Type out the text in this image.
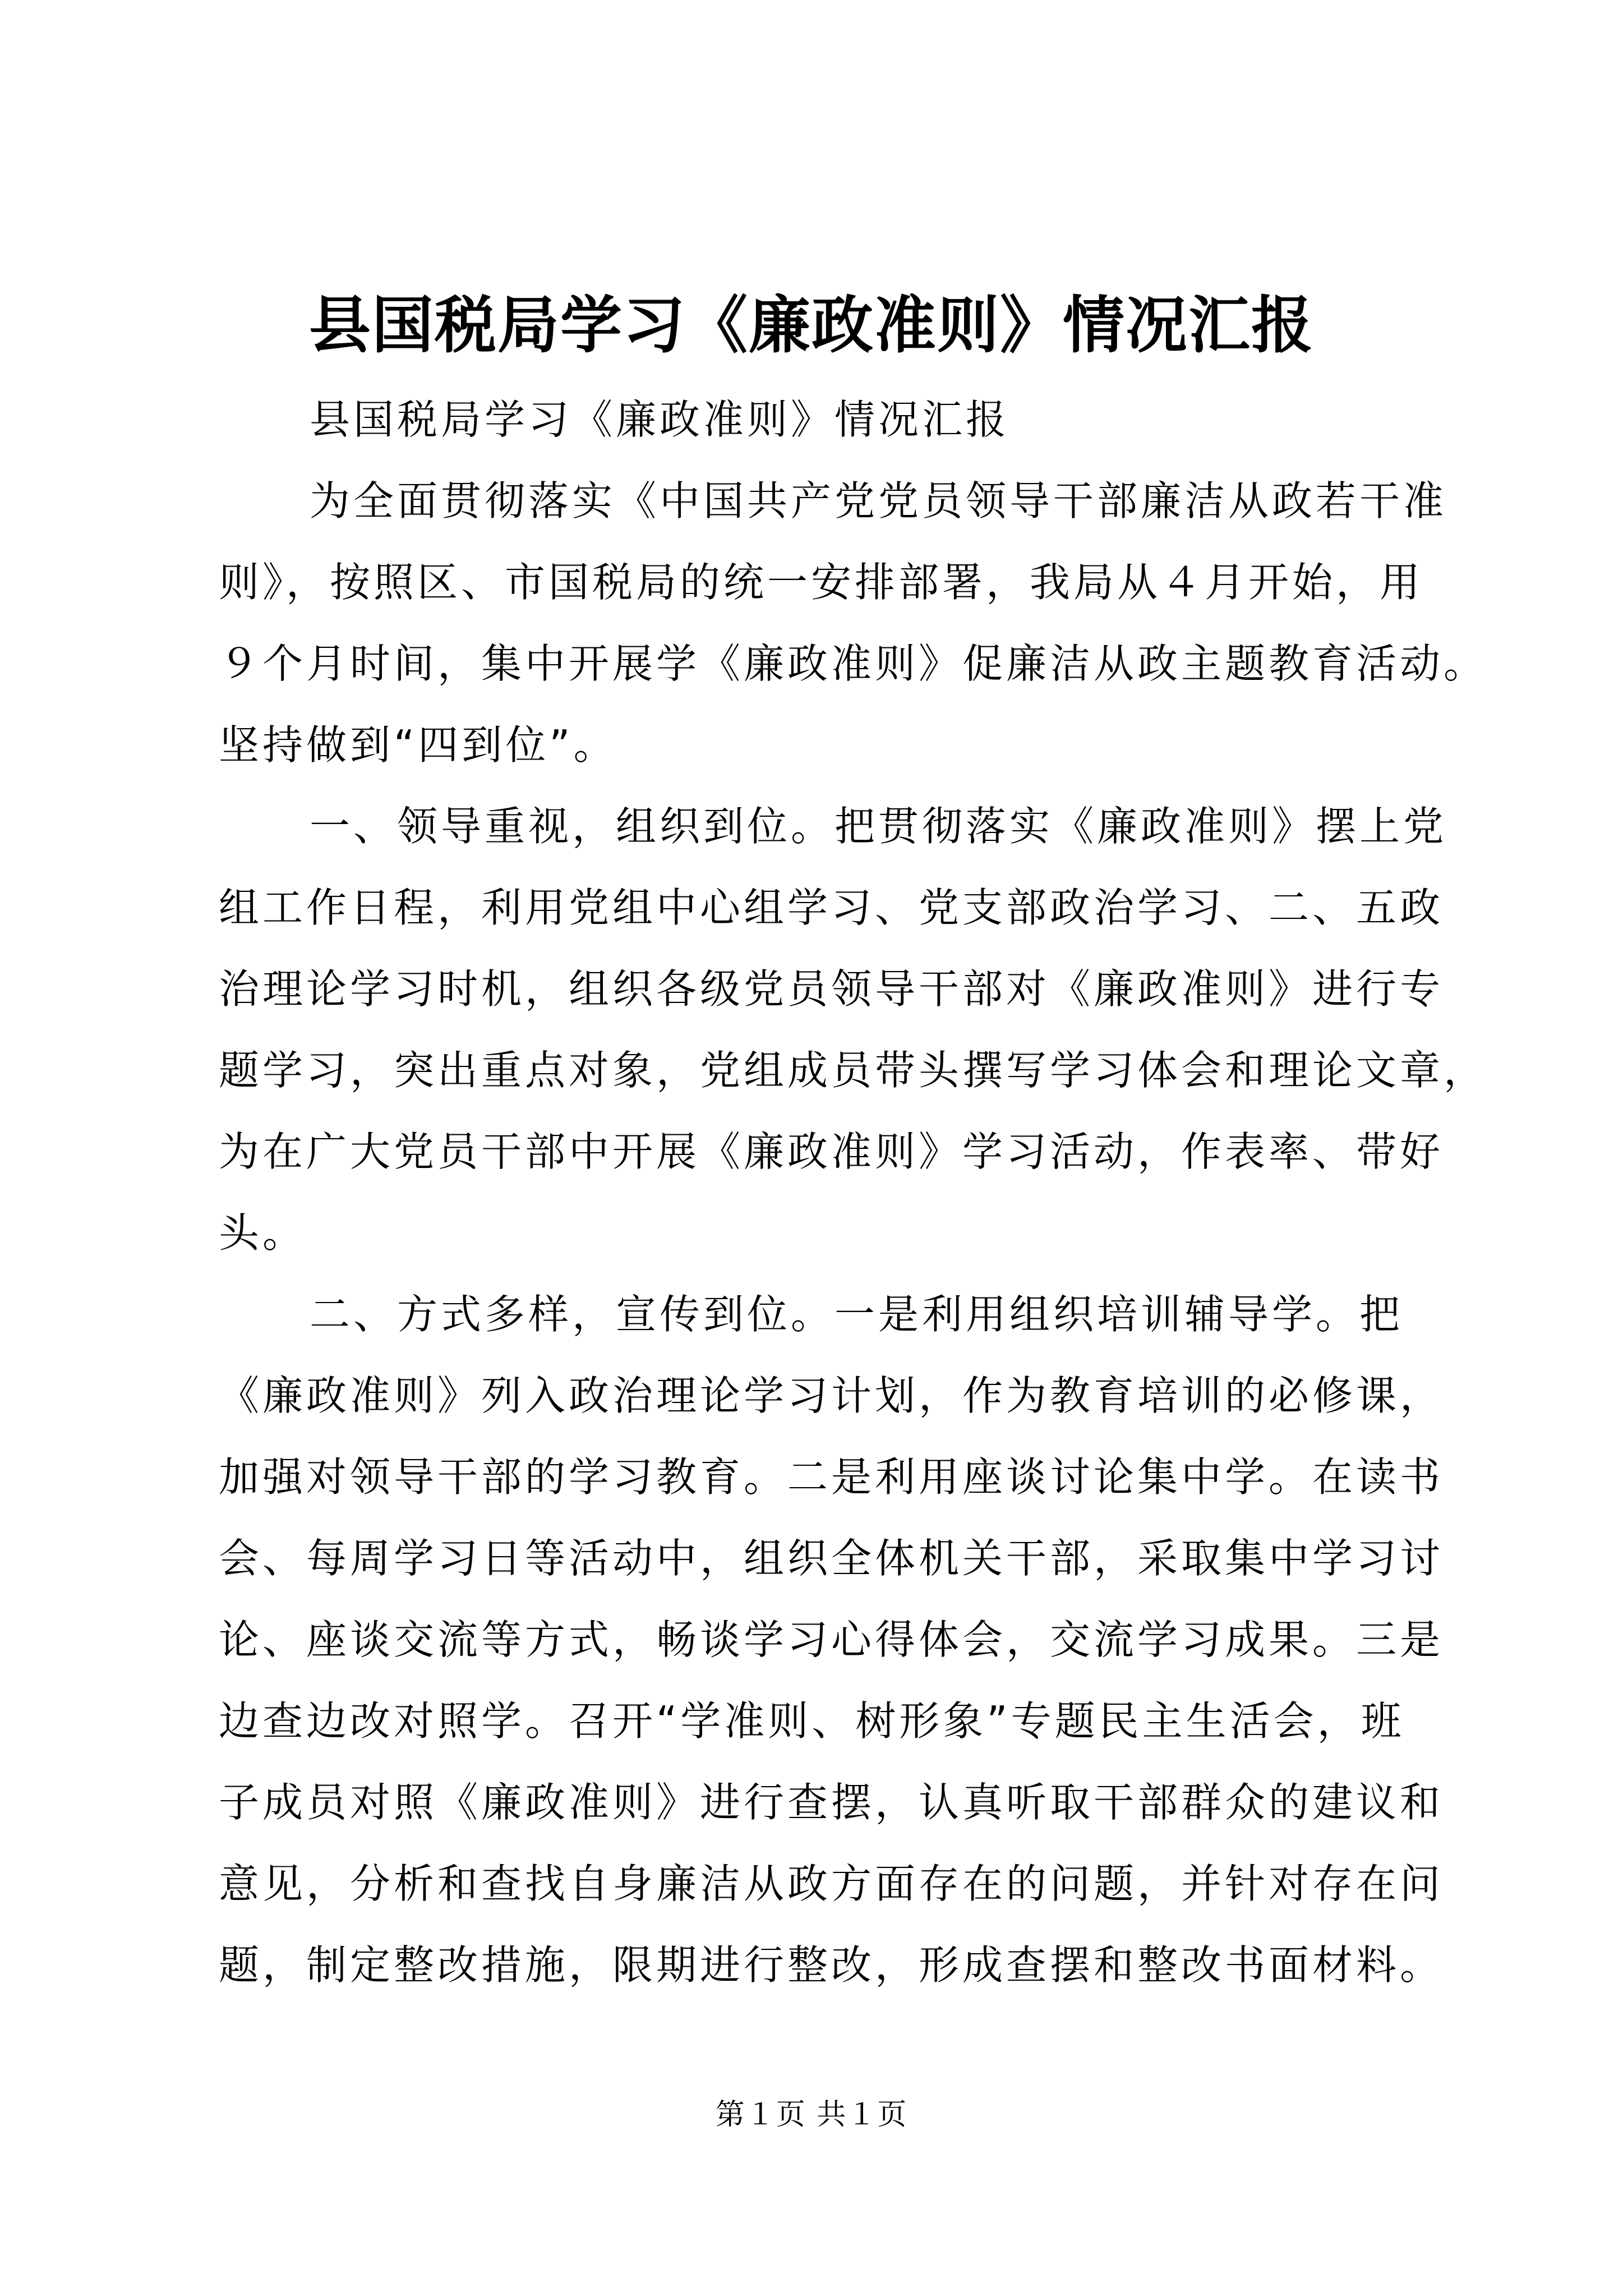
县国税局学习《廉政准则》情况汇报
县国税局学习《廉政准则》情况汇报
为全面贯彻落实《中国共产党党员领导干部廉洁从政若干准
则》，按照区、市国税局的统一安排部署，我局从４月开始，用
９个月时间，集中开展学《廉政准则》促廉洁从政主题教育活动。
坚持做到“四到位”。
一、领导重视，组织到位。把贯彻落实《廉政准则》摆上党
组工作日程，利用党组中心组学习、党支部政治学习、二、五政
治理论学习时机，组织各级党员领导干部对《廉政准则》进行专
题学习，突出重点对象，党组成员带头撰写学习体会和理论文章，
为在广大党员干部中开展《廉政准则》学习活动，作表率、带好
头。
二、方式多样，宣传到位。一是利用组织培训辅导学。把
《廉政准则》列入政治理论学习计划，作为教育培训的必修课，
加强对领导干部的学习教育。二是利用座谈讨论集中学。在读书
会、每周学习日等活动中，组织全体机关干部，采取集中学习讨
论、座谈交流等方式，畅谈学习心得体会，交流学习成果。三是
边查边改对照学。召开“学准则、树形象”专题民主生活会，班
子成员对照《廉政准则》进行查摆，认真听取干部群众的建议和
意见，分析和查找自身廉洁从政方面存在的问题，并针对存在问
题，制定整改措施，限期进行整改，形成查摆和整改书面材料。
第１页 共１页
